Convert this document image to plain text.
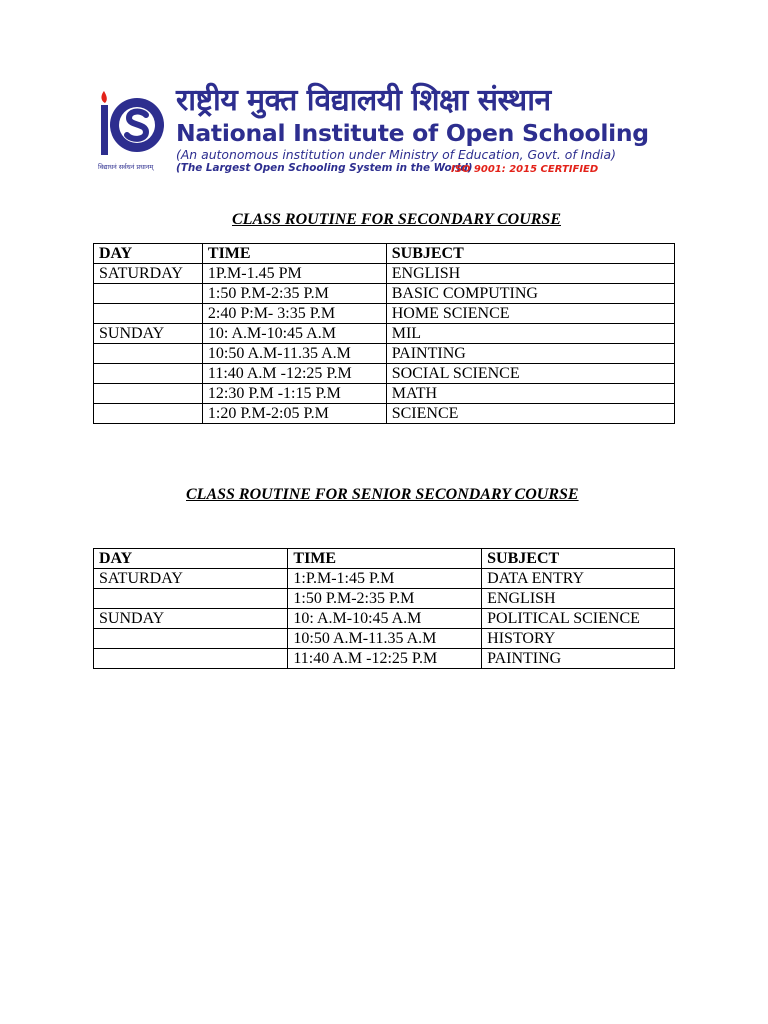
विद्याधनं सर्वधनं प्रधानम्
राष्ट्रीय मुक्त विद्यालयी शिक्षा संस्थान
National Institute of Open Schooling
(An autonomous institution under Ministry of Education, Govt. of India)
(The Largest Open Schooling System in the World)
ISO 9001: 2015 CERTIFIED
CLASS ROUTINE FOR SECONDARY COURSE
DAY	TIME	SUBJECT
SATURDAY	1P.M-1.45 PM	ENGLISH
	1:50 P.M-2:35 P.M	BASIC COMPUTING
	2:40 P:M- 3:35 P.M	HOME SCIENCE
SUNDAY	10: A.M-10:45 A.M	MIL
	10:50 A.M-11.35 A.M	PAINTING
	11:40 A.M -12:25 P.M	SOCIAL SCIENCE
	12:30 P.M -1:15 P.M	MATH
	1:20 P.M-2:05 P.M	SCIENCE
CLASS ROUTINE FOR SENIOR SECONDARY COURSE
DAY	TIME	SUBJECT
SATURDAY	1:P.M-1:45 P.M	DATA ENTRY
	1:50 P.M-2:35 P.M	ENGLISH
SUNDAY	10: A.M-10:45 A.M	POLITICAL SCIENCE
	10:50 A.M-11.35 A.M	HISTORY
	11:40 A.M -12:25 P.M	PAINTING
